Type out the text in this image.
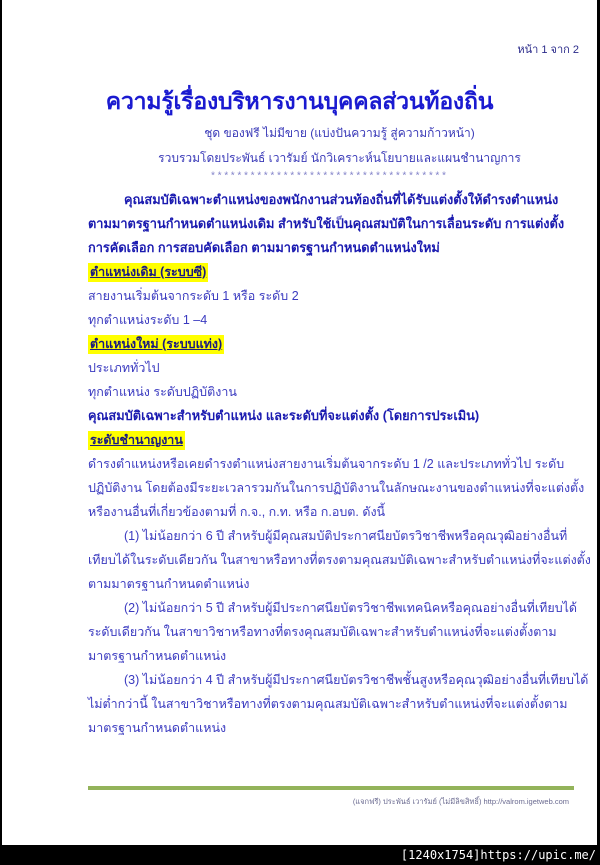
หน้า 1 จาก 2
ความรู้เรื่องบริหารงานบุคคลส่วนท้องถิ่น
ชุด ของฟรี ไม่มีขาย (แบ่งปันความรู้ สู่ความก้าวหน้า)
รวบรวมโดยประพันธ์ เวารัมย์ นักวิเคราะห์นโยบายและแผนชำนาญการ
************************************
คุณสมบัติเฉพาะตำแหน่งของพนักงานส่วนท้องถิ่นที่ได้รับแต่งตั้งให้ดำรงตำแหน่ง
ตามมาตรฐานกำหนดตำแหน่งเดิม สำหรับใช้เป็นคุณสมบัติในการเลื่อนระดับ การแต่งตั้ง
การคัดเลือก การสอบคัดเลือก ตามมาตรฐานกำหนดตำแหน่งใหม่
ตำแหน่งเดิม (ระบบซี)
สายงานเริ่มต้นจากระดับ 1 หรือ ระดับ 2
ทุกตำแหน่งระดับ 1 –4
ตำแหน่งใหม่ (ระบบแท่ง)
ประเภททั่วไป
ทุกตำแหน่ง ระดับปฏิบัติงาน
คุณสมบัติเฉพาะสำหรับตำแหน่ง และระดับที่จะแต่งตั้ง (โดยการประเมิน)
ระดับชำนาญงาน
ดำรงตำแหน่งหรือเคยดำรงตำแหน่งสายงานเริ่มต้นจากระดับ 1 /2 และประเภททั่วไป ระดับ
ปฏิบัติงาน โดยต้องมีระยะเวลารวมกันในการปฏิบัติงานในลักษณะงานของตำแหน่งที่จะแต่งตั้ง
หรืองานอื่นที่เกี่ยวข้องตามที่ ก.จ., ก.ท. หรือ ก.อบต. ดังนี้
(1) ไม่น้อยกว่า 6 ปี สำหรับผู้มีคุณสมบัติประกาศนียบัตรวิชาชีพหรือคุณวุฒิอย่างอื่นที่
เทียบได้ในระดับเดียวกัน ในสาขาหรือทางที่ตรงตามคุณสมบัติเฉพาะสำหรับตำแหน่งที่จะแต่งตั้ง
ตามมาตรฐานกำหนดตำแหน่ง
(2) ไม่น้อยกว่า 5 ปี สำหรับผู้มีประกาศนียบัตรวิชาชีพเทคนิคหรือคุณอย่างอื่นที่เทียบได้
ระดับเดียวกัน ในสาขาวิชาหรือทางที่ตรงคุณสมบัติเฉพาะสำหรับตำแหน่งที่จะแต่งตั้งตาม
มาตรฐานกำหนดตำแหน่ง
(3) ไม่น้อยกว่า 4 ปี สำหรับผู้มีประกาศนียบัตรวิชาชีพชั้นสูงหรือคุณวุฒิอย่างอื่นที่เทียบได้
ไม่ต่ำกว่านี้ ในสาขาวิชาหรือทางที่ตรงตามคุณสมบัติเฉพาะสำหรับตำแหน่งที่จะแต่งตั้งตาม
มาตรฐานกำหนดตำแหน่ง
(แจกฟรี) ประพันธ์ เวารัมย์ (ไม่มีลิขสิทธิ์) http://valrom.igetweb.com
[1240x1754]https://upic.me/
